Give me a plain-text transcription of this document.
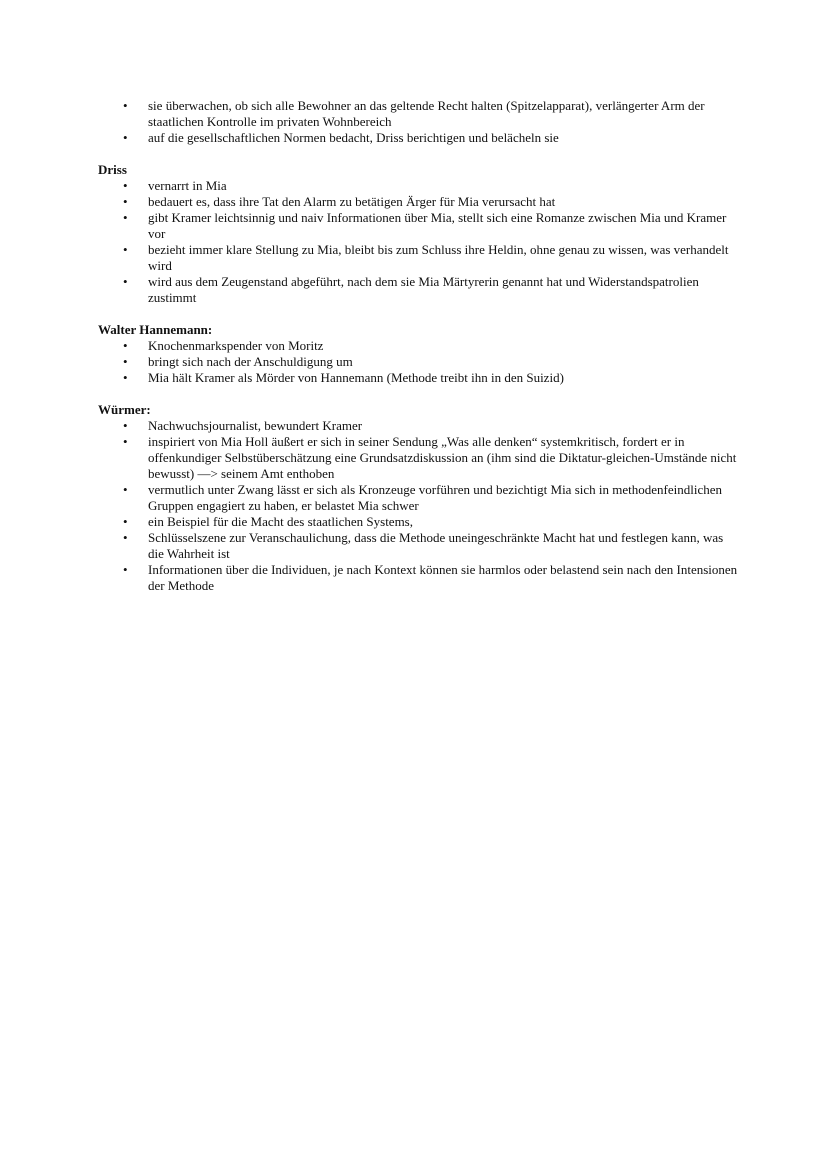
• sie überwachen, ob sich alle Bewohner an das geltende Recht halten (Spitzelapparat), verlängerter Arm der staatlichen Kontrolle im privaten Wohnbereich
• auf die gesellschaftlichen Normen bedacht, Driss berichtigen und belächeln sie

Driss

• vernarrt in Mia
• bedauert es, dass ihre Tat den Alarm zu betätigen Ärger für Mia verursacht hat
• gibt Kramer leichtsinnig und naiv Informationen über Mia, stellt sich eine Romanze zwischen Mia und Kramer vor
• bezieht immer klare Stellung zu Mia, bleibt bis zum Schluss ihre Heldin, ohne genau zu wissen, was verhandelt wird
• wird aus dem Zeugenstand abgeführt, nach dem sie Mia Märtyrerin genannt hat und Widerstandspatrolien zustimmt

Walter Hannemann:

• Knochenmarkspender von Moritz
• bringt sich nach der Anschuldigung um
• Mia hält Kramer als Mörder von Hannemann (Methode treibt ihn in den Suizid)

Würmer:

• Nachwuchsjournalist, bewundert Kramer
• inspiriert von Mia Holl äußert er sich in seiner Sendung „Was alle denken“ systemkritisch, fordert er in offenkundiger Selbstüberschätzung eine Grundsatzdiskussion an (ihm sind die Diktatur-gleichen-Umstände nicht bewusst) —> seinem Amt enthoben
• vermutlich unter Zwang lässt er sich als Kronzeuge vorführen und bezichtigt Mia sich in methodenfeindlichen Gruppen engagiert zu haben, er belastet Mia schwer
• ein Beispiel für die Macht des staatlichen Systems,
• Schlüsselszene zur Veranschaulichung, dass die Methode uneingeschränkte Macht hat und festlegen kann, was die Wahrheit ist
• Informationen über die Individuen, je nach Kontext können sie harmlos oder belastend sein nach den Intensionen der Methode
